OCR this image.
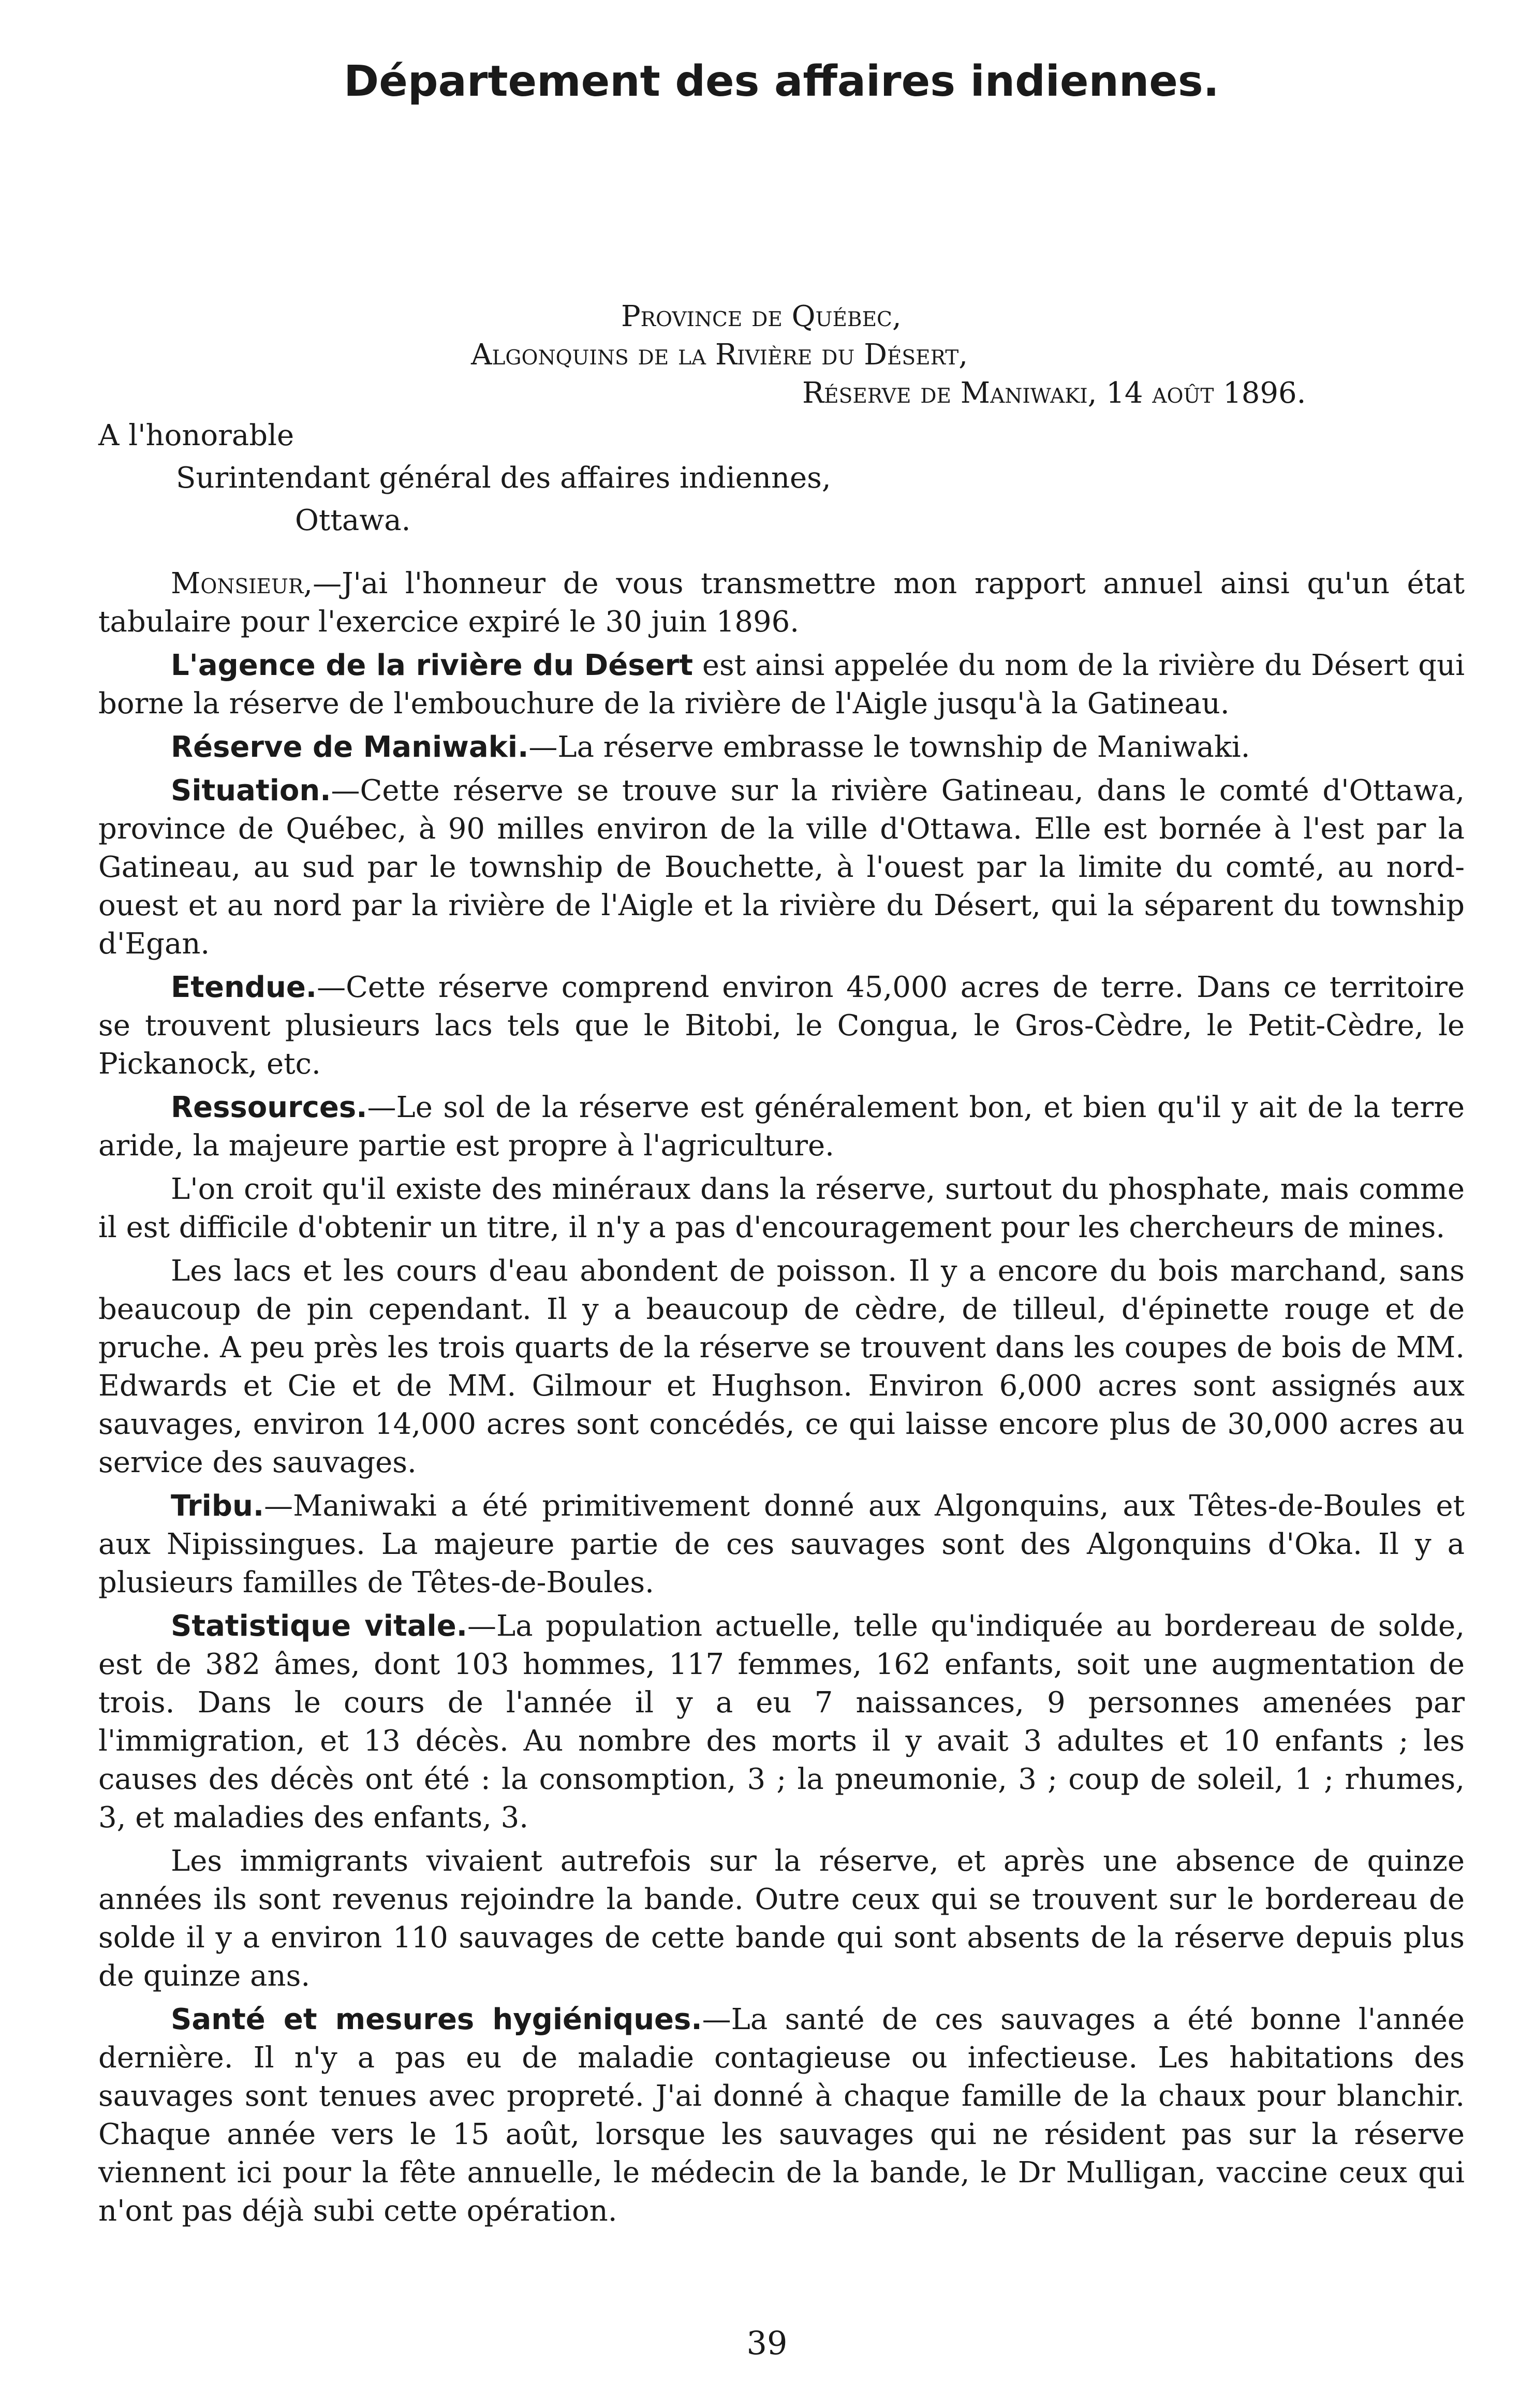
Département des affaires indiennes.
Province de Québec,
Algonquins de la Rivière du Désert,
Réserve de Maniwaki, 14 août 1896.
A l'honorable
Surintendant général des affaires indiennes,
Ottawa.

Monsieur,—J'ai l'honneur de vous transmettre mon rapport annuel ainsi qu'un état tabulaire pour l'exercice expiré le 30 juin 1896.

L'agence de la rivière du Désert est ainsi appelée du nom de la rivière du Désert qui borne la réserve de l'embouchure de la rivière de l'Aigle jusqu'à la Gatineau.

Réserve de Maniwaki.—La réserve embrasse le township de Maniwaki.

Situation.—Cette réserve se trouve sur la rivière Gatineau, dans le comté d'Ottawa, province de Québec, à 90 milles environ de la ville d'Ottawa. Elle est bornée à l'est par la Gatineau, au sud par le township de Bouchette, à l'ouest par la limite du comté, au nord-ouest et au nord par la rivière de l'Aigle et la rivière du Désert, qui la séparent du township d'Egan.

Etendue.—Cette réserve comprend environ 45,000 acres de terre. Dans ce territoire se trouvent plusieurs lacs tels que le Bitobi, le Congua, le Gros-Cèdre, le Petit-Cèdre, le Pickanock, etc.

Ressources.—Le sol de la réserve est généralement bon, et bien qu'il y ait de la terre aride, la majeure partie est propre à l'agriculture.

L'on croit qu'il existe des minéraux dans la réserve, surtout du phosphate, mais comme il est difficile d'obtenir un titre, il n'y a pas d'encouragement pour les chercheurs de mines.

Les lacs et les cours d'eau abondent de poisson. Il y a encore du bois marchand, sans beaucoup de pin cependant. Il y a beaucoup de cèdre, de tilleul, d'épinette rouge et de pruche. A peu près les trois quarts de la réserve se trouvent dans les coupes de bois de MM. Edwards et Cie et de MM. Gilmour et Hughson. Environ 6,000 acres sont assignés aux sauvages, environ 14,000 acres sont concédés, ce qui laisse encore plus de 30,000 acres au service des sauvages.

Tribu.—Maniwaki a été primitivement donné aux Algonquins, aux Têtes-de-Boules et aux Nipissingues. La majeure partie de ces sauvages sont des Algonquins d'Oka. Il y a plusieurs familles de Têtes-de-Boules.

Statistique vitale.—La population actuelle, telle qu'indiquée au bordereau de solde, est de 382 âmes, dont 103 hommes, 117 femmes, 162 enfants, soit une augmentation de trois. Dans le cours de l'année il y a eu 7 naissances, 9 personnes amenées par l'immigration, et 13 décès. Au nombre des morts il y avait 3 adultes et 10 enfants ; les causes des décès ont été : la consomption, 3 ; la pneumonie, 3 ; coup de soleil, 1 ; rhumes, 3, et maladies des enfants, 3.

Les immigrants vivaient autrefois sur la réserve, et après une absence de quinze années ils sont revenus rejoindre la bande. Outre ceux qui se trouvent sur le bordereau de solde il y a environ 110 sauvages de cette bande qui sont absents de la réserve depuis plus de quinze ans.

Santé et mesures hygiéniques.—La santé de ces sauvages a été bonne l'année dernière. Il n'y a pas eu de maladie contagieuse ou infectieuse. Les habitations des sauvages sont tenues avec propreté. J'ai donné à chaque famille de la chaux pour blanchir. Chaque année vers le 15 août, lorsque les sauvages qui ne résident pas sur la réserve viennent ici pour la fête annuelle, le médecin de la bande, le Dr Mulligan, vaccine ceux qui n'ont pas déjà subi cette opération.

39
